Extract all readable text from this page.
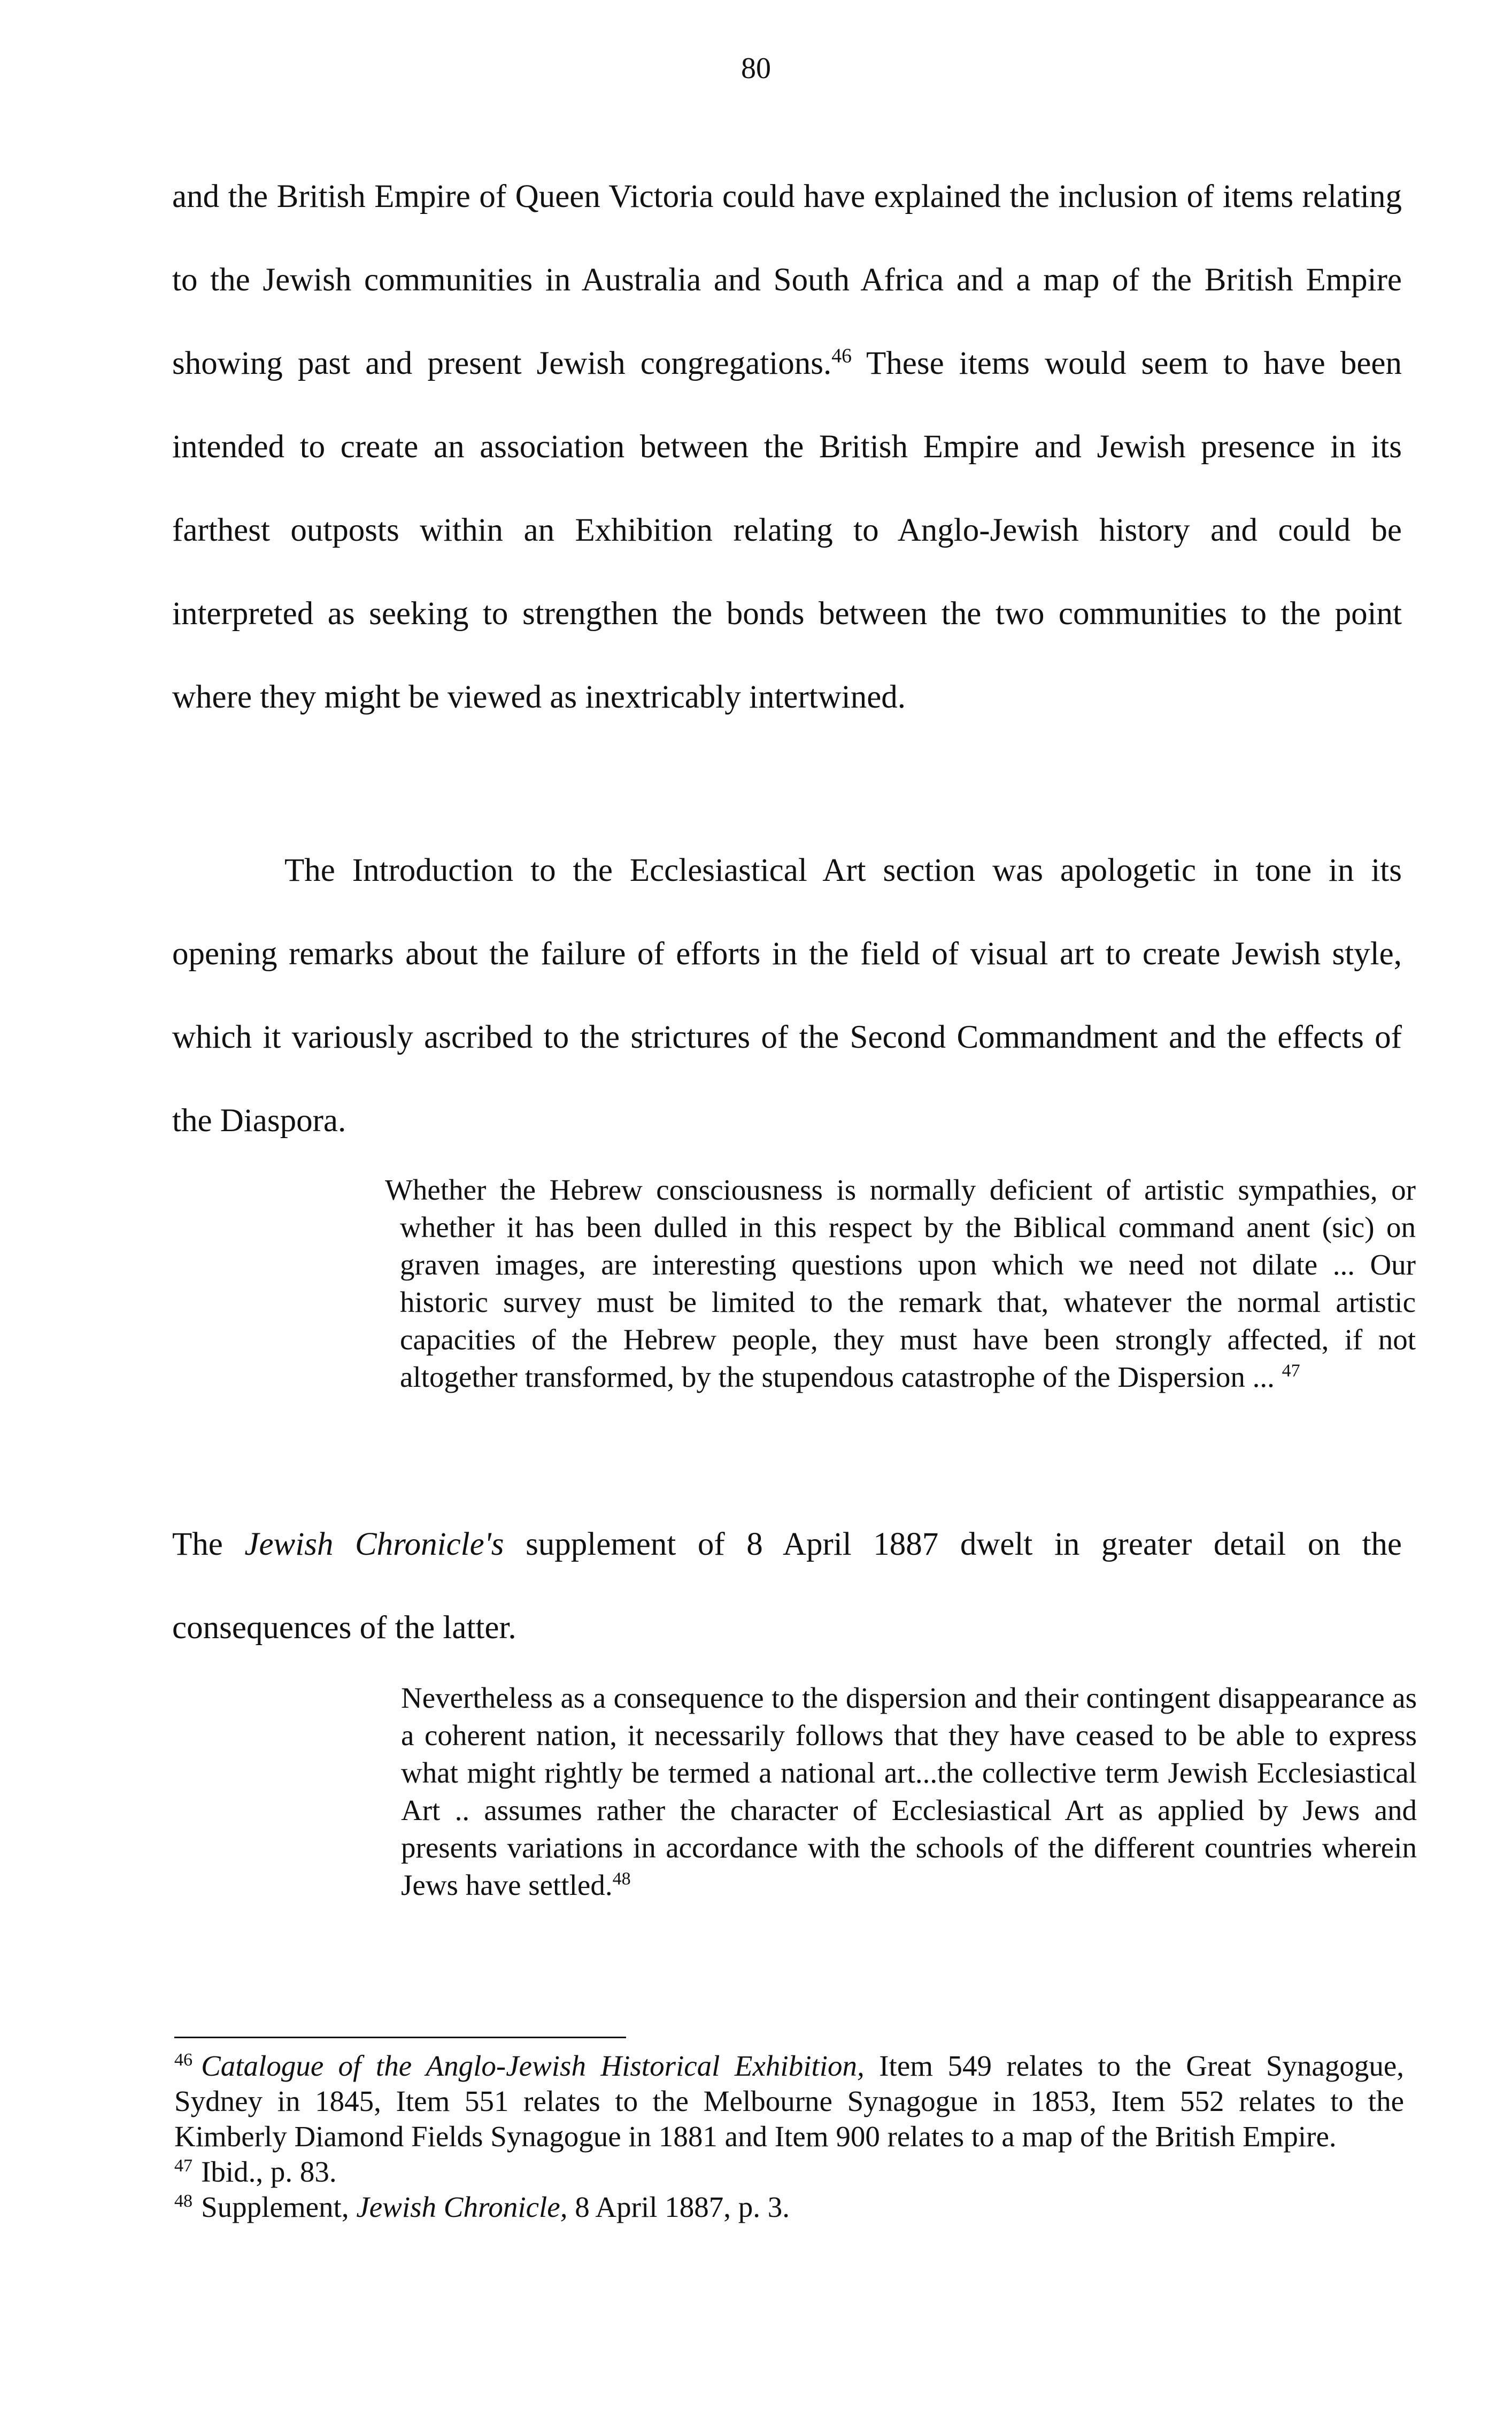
80

and the British Empire of Queen Victoria could have explained the inclusion of items relating to the Jewish communities in Australia and South Africa and a map of the British Empire showing past and present Jewish congregations.$^{46}$ These items would seem to have been intended to create an association between the British Empire and Jewish presence in its farthest outposts within an Exhibition relating to Anglo-Jewish history and could be interpreted as seeking to strengthen the bonds between the two communities to the point where they might be viewed as inextricably intertwined.

The Introduction to the Ecclesiastical Art section was apologetic in tone in its opening remarks about the failure of efforts in the field of visual art to create Jewish style, which it variously ascribed to the strictures of the Second Commandment and the effects of the Diaspora.

Whether the Hebrew consciousness is normally deficient of artistic sympathies, or whether it has been dulled in this respect by the Biblical command anent (sic) on graven images, are interesting questions upon which we need not dilate ... Our historic survey must be limited to the remark that, whatever the normal artistic capacities of the Hebrew people, they must have been strongly affected, if not altogether transformed, by the stupendous catastrophe of the Dispersion ... $^{47}$

The Jewish Chronicle's supplement of 8 April 1887 dwelt in greater detail on the consequences of the latter.

Nevertheless as a consequence to the dispersion and their contingent disappearance as a coherent nation, it necessarily follows that they have ceased to be able to express what might rightly be termed a national art...the collective term Jewish Ecclesiastical Art .. assumes rather the character of Ecclesiastical Art as applied by Jews and presents variations in accordance with the schools of the different countries wherein Jews have settled.$^{48}$

$^{46}$ Catalogue of the Anglo-Jewish Historical Exhibition, Item 549 relates to the Great Synagogue, Sydney in 1845, Item 551 relates to the Melbourne Synagogue in 1853, Item 552 relates to the Kimberly Diamond Fields Synagogue in 1881 and Item 900 relates to a map of the British Empire.

$^{47}$ Ibid., p. 83.

$^{48}$ Supplement, Jewish Chronicle, 8 April 1887, p. 3.
